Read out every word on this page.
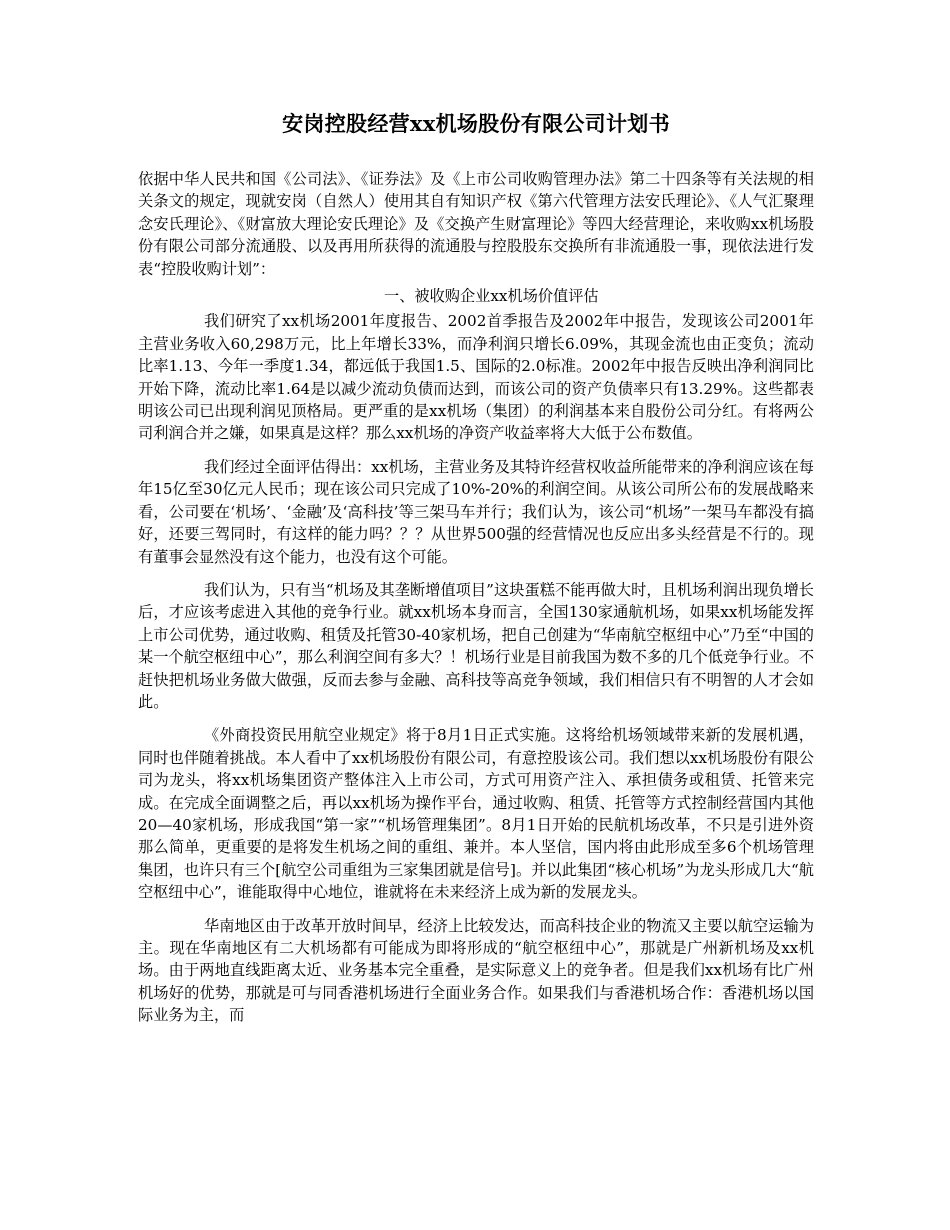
安岗控股经营xx机场股份有限公司计划书

依据中华人民共和国《公司法》、《证券法》及《上市公司收购管理办法》第二十四条等有关法规的相关条文的规定，现就安岗（自然人）使用其自有知识产权《第六代管理方法安氏理论》、《人气汇聚理念安氏理论》、《财富放大理论安氏理论》及《交换产生财富理论》等四大经营理论，来收购xx机场股份有限公司部分流通股、以及再用所获得的流通股与控股股东交换所有非流通股一事，现依法进行发表“控股收购计划”：

一、被收购企业xx机场价值评估

我们研究了xx机场2001年度报告、2002首季报告及2002年中报告，发现该公司2001年主营业务收入60,298万元，比上年增长33%，而净利润只增长6.09%，其现金流也由正变负；流动比率1.13、今年一季度1.34，都远低于我国1.5、国际的2.0标准。2002年中报告反映出净利润同比开始下降，流动比率1.64是以减少流动负债而达到，而该公司的资产负债率只有13.29%。这些都表明该公司已出现利润见顶格局。更严重的是xx机场（集团）的利润基本来自股份公司分红。有将两公司利润合并之嫌，如果真是这样？那么xx机场的净资产收益率将大大低于公布数值。

我们经过全面评估得出：xx机场，主营业务及其特许经营权收益所能带来的净利润应该在每年15亿至30亿元人民币；现在该公司只完成了10%-20%的利润空间。从该公司所公布的发展战略来看，公司要在‘机场’、‘金融’及‘高科技’等三架马车并行；我们认为，该公司“机场”一架马车都没有搞好，还要三驾同时，有这样的能力吗？？？从世界500强的经营情况也反应出多头经营是不行的。现有董事会显然没有这个能力，也没有这个可能。

我们认为，只有当“机场及其垄断增值项目”这块蛋糕不能再做大时，且机场利润出现负增长后，才应该考虑进入其他的竞争行业。就xx机场本身而言，全国130家通航机场，如果xx机场能发挥上市公司优势，通过收购、租赁及托管30-40家机场，把自己创建为“华南航空枢纽中心”乃至“中国的某一个航空枢纽中心”，那么利润空间有多大？！机场行业是目前我国为数不多的几个低竞争行业。不赶快把机场业务做大做强，反而去参与金融、高科技等高竞争领域，我们相信只有不明智的人才会如此。

《外商投资民用航空业规定》将于8月1日正式实施。这将给机场领域带来新的发展机遇，同时也伴随着挑战。本人看中了xx机场股份有限公司，有意控股该公司。我们想以xx机场股份有限公司为龙头，将xx机场集团资产整体注入上市公司，方式可用资产注入、承担债务或租赁、托管来完成。在完成全面调整之后，再以xx机场为操作平台，通过收购、租赁、托管等方式控制经营国内其他20—40家机场，形成我国“第一家”“机场管理集团”。8月1日开始的民航机场改革，不只是引进外资那么简单，更重要的是将发生机场之间的重组、兼并。本人坚信，国内将由此形成至多6个机场管理集团，也许只有三个[航空公司重组为三家集团就是信号]。并以此集团“核心机场”为龙头形成几大“航空枢纽中心”，谁能取得中心地位，谁就将在未来经济上成为新的发展龙头。

华南地区由于改革开放时间早，经济上比较发达，而高科技企业的物流又主要以航空运输为主。现在华南地区有二大机场都有可能成为即将形成的“航空枢纽中心”，那就是广州新机场及xx机场。由于两地直线距离太近、业务基本完全重叠，是实际意义上的竞争者。但是我们xx机场有比广州机场好的优势，那就是可与同香港机场进行全面业务合作。如果我们与香港机场合作：香港机场以国际业务为主，而
